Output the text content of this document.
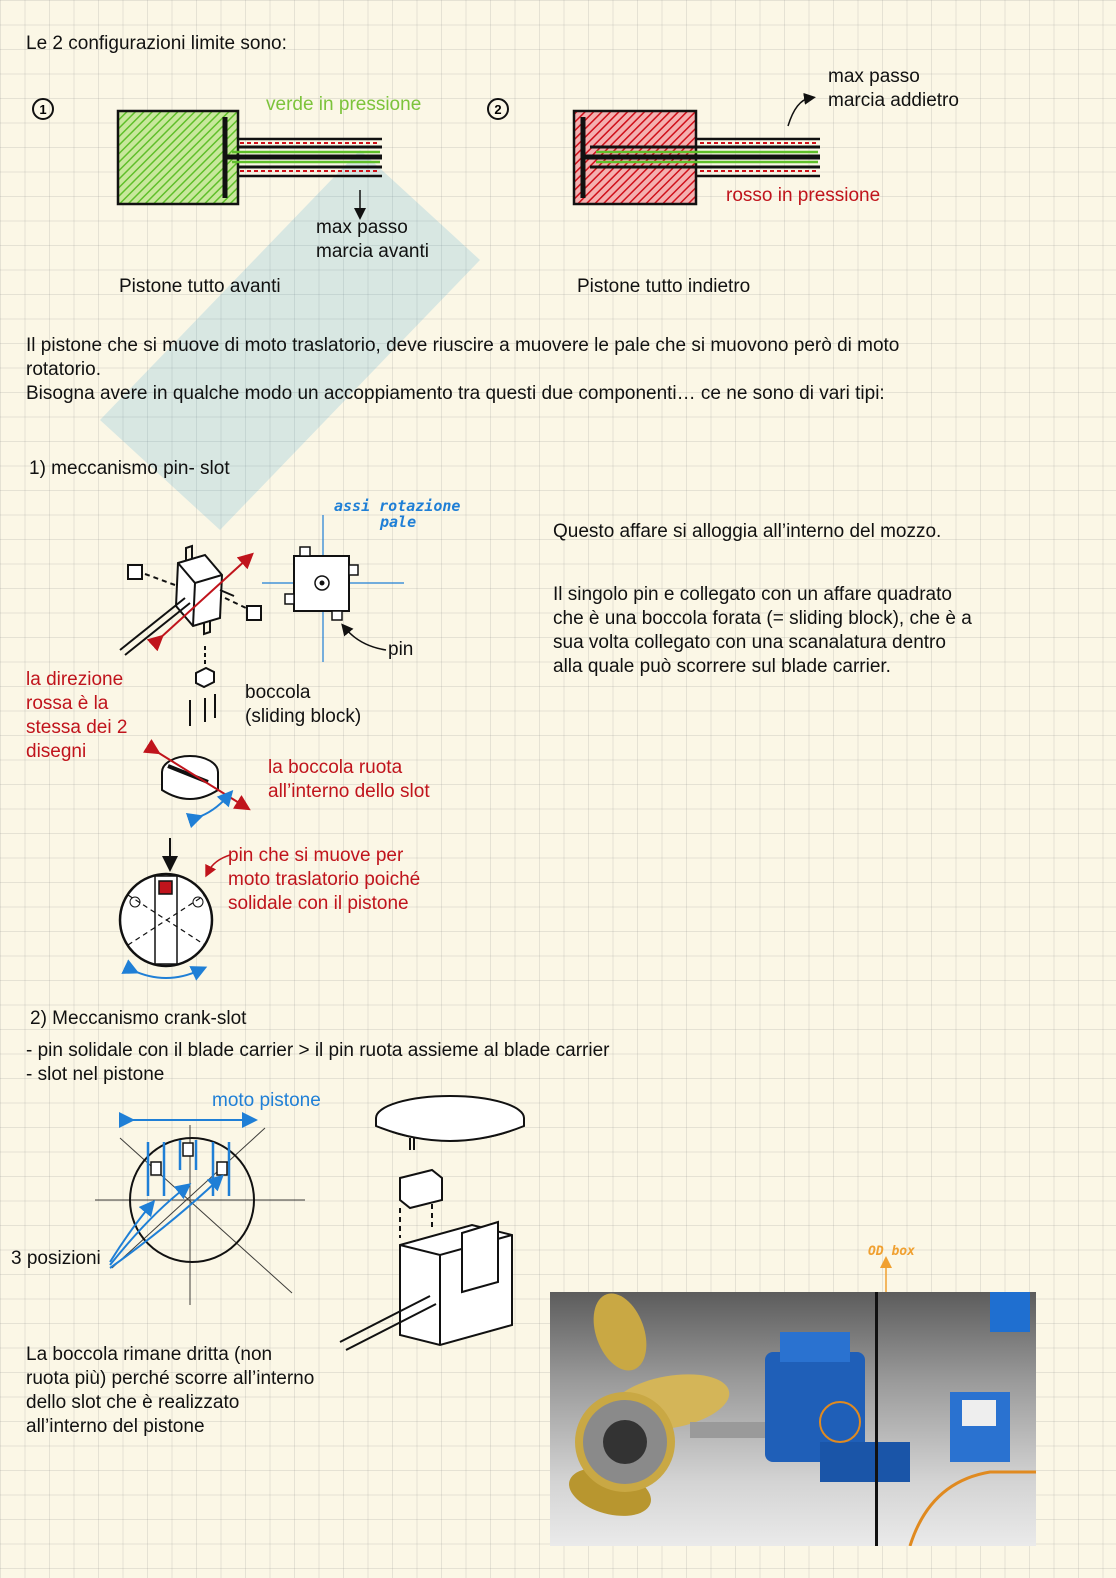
Le 2 configurazioni limite sono:
verde in pressione
max passo
marcia avanti
Pistone tutto avanti
max passo
marcia addietro
rosso in pressione
Pistone tutto indietro
Il pistone che si muove di moto traslatorio, deve riuscire a muovere le pale che si muovono però di moto
rotatorio.
Bisogna avere in qualche modo un accoppiamento tra questi due componenti… ce ne sono di vari tipi:
1) meccanismo pin- slot
assi rotazione
pale
pin
la direzione
rossa è la
stessa dei 2
disegni
boccola
(sliding block)
la boccola ruota
all’interno dello slot
pin che si muove per
moto traslatorio poiché
solidale con il pistone
Questo affare si alloggia all’interno del mozzo.
Il singolo pin e collegato con un affare quadrato
che è una boccola forata (= sliding block), che è a
sua volta collegato con una scanalatura dentro
alla quale può scorrere sul blade carrier.
2) Meccanismo crank-slot
- pin solidale con il blade carrier > il pin ruota assieme al blade carrier
- slot nel pistone
moto pistone
3 posizioni	OD box
La boccola rimane dritta (non
ruota più) perché scorre all’interno
dello slot che è realizzato
all’interno del pistone
1	2
